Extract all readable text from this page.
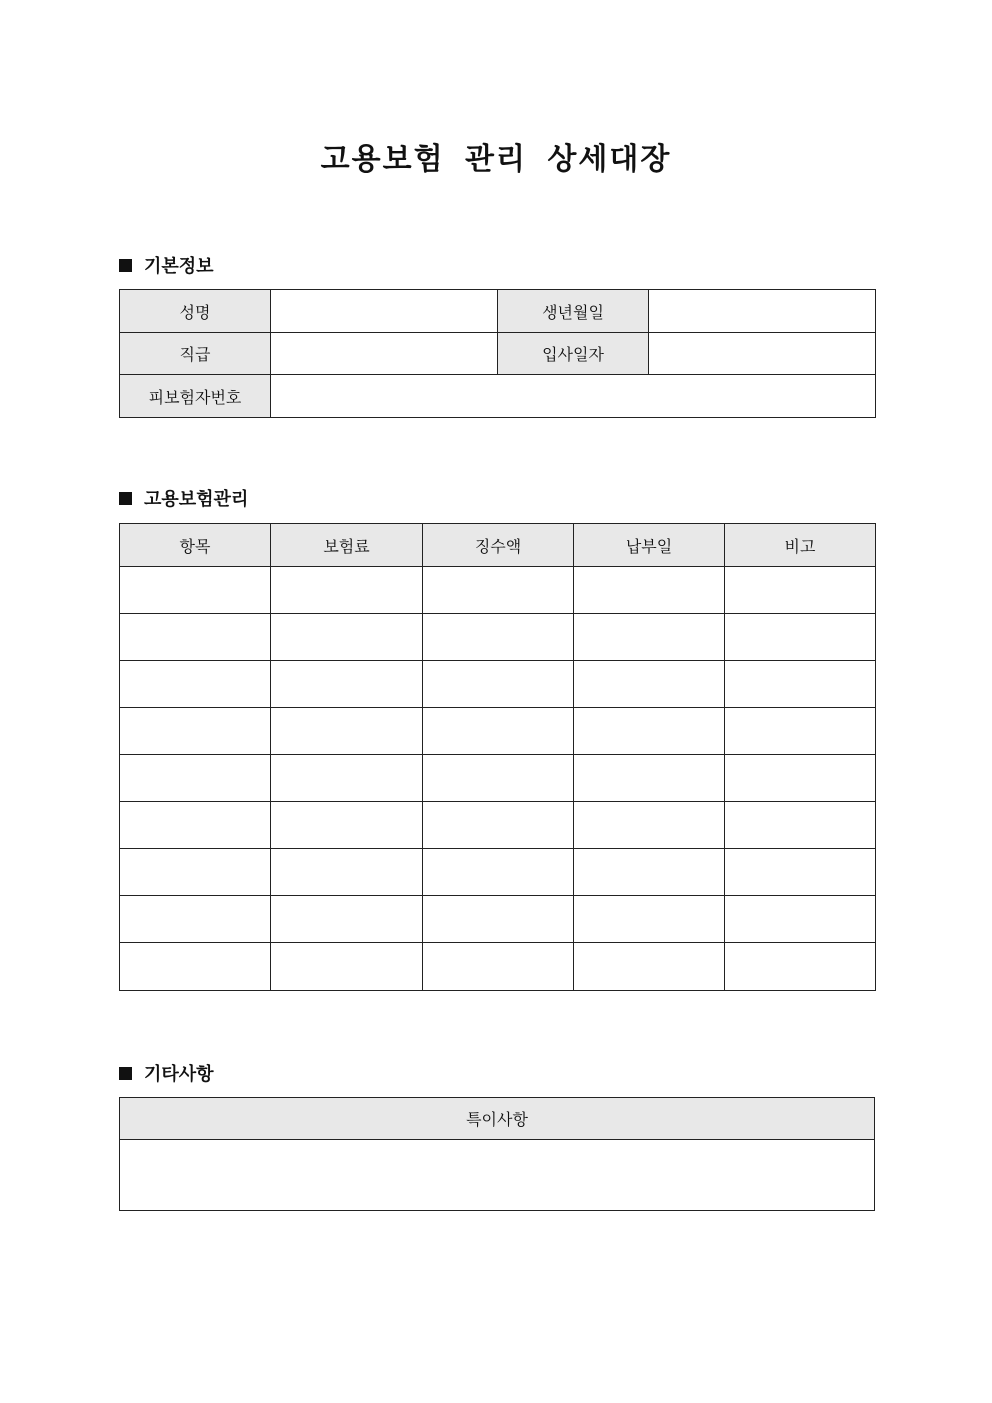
고용보험 관리 상세대장
기본정보
성명		생년월일	
직급		입사일자	
피보험자번호			
고용보험관리
항목	보험료	징수액	납부일	비고

기타사항
특이사항
